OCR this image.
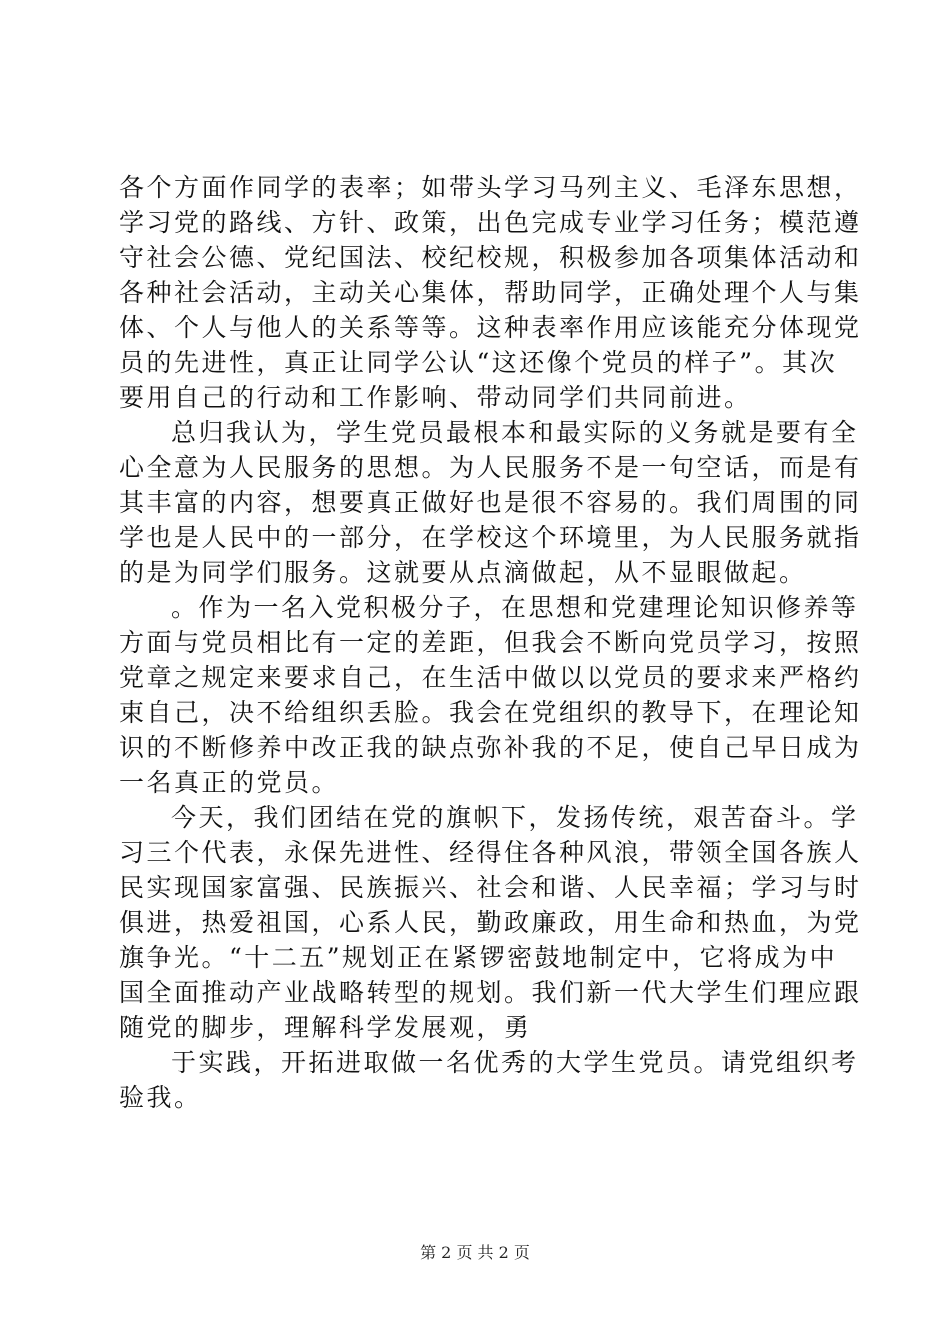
各个方面作同学的表率；如带头学习马列主义、毛泽东思想，
学习党的路线、方针、政策，出色完成专业学习任务；模范遵
守社会公德、党纪国法、校纪校规，积极参加各项集体活动和
各种社会活动，主动关心集体，帮助同学，正确处理个人与集
体、个人与他人的关系等等。这种表率作用应该能充分体现党
员的先进性，真正让同学公认“这还像个党员的样子”。其次
要用自己的行动和工作影响、带动同学们共同前进。
总归我认为，学生党员最根本和最实际的义务就是要有全
心全意为人民服务的思想。为人民服务不是一句空话，而是有
其丰富的内容，想要真正做好也是很不容易的。我们周围的同
学也是人民中的一部分，在学校这个环境里，为人民服务就指
的是为同学们服务。这就要从点滴做起，从不显眼做起。
。作为一名入党积极分子，在思想和党建理论知识修养等
方面与党员相比有一定的差距，但我会不断向党员学习，按照
党章之规定来要求自己，在生活中做以以党员的要求来严格约
束自己，决不给组织丢脸。我会在党组织的教导下，在理论知
识的不断修养中改正我的缺点弥补我的不足，使自己早日成为
一名真正的党员。
今天，我们团结在党的旗帜下，发扬传统，艰苦奋斗。学
习三个代表，永保先进性、经得住各种风浪，带领全国各族人
民实现国家富强、民族振兴、社会和谐、人民幸福；学习与时
俱进，热爱祖国，心系人民，勤政廉政，用生命和热血，为党
旗争光。“十二五”规划正在紧锣密鼓地制定中，它将成为中
国全面推动产业战略转型的规划。我们新一代大学生们理应跟
随党的脚步，理解科学发展观，勇
于实践，开拓进取做一名优秀的大学生党员。请党组织考
验我。
第 2 页 共 2 页
